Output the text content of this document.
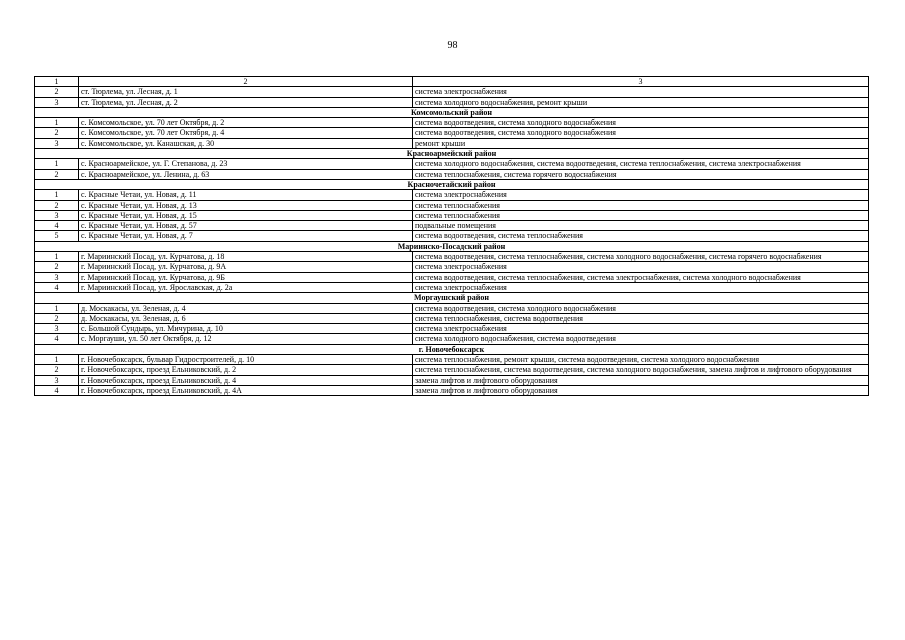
98
1	2	3
2	ст. Тюрлема, ул. Лесная, д. 1	система электроснабжения
3	ст. Тюрлема, ул. Лесная, д. 2	система холодного водоснабжения, ремонт крыши
Комсомольский район		
1	с. Комсомольское, ул. 70 лет Октября, д. 2	система водоотведения, система холодного водоснабжения
2	с. Комсомольское, ул. 70 лет Октября, д. 4	система водоотведения, система холодного водоснабжения
3	с. Комсомольское, ул. Канашская, д. 30	ремонт крыши
Красноармейский район		
1	с. Красноармейское, ул. Г. Степанова, д. 23	система холодного водоснабжения, система водоотведения, система теплоснабжения, система электроснабжения
2	с. Красноармейское, ул. Ленина, д. 63	система теплоснабжения, система горячего водоснабжения
Красночетайский район		
1	с. Красные Четаи, ул. Новая, д. 11	система электроснабжения
2	с. Красные Четаи, ул. Новая, д. 13	система теплоснабжения
3	с. Красные Четаи, ул. Новая, д. 15	система теплоснабжения
4	с. Красные Четаи, ул. Новая, д. 57	подвальные помещения
5	с. Красные Четаи, ул. Новая, д. 7	система водоотведения, система теплоснабжения
Мариинско-Посадский район		
1	г. Мариинский Посад, ул. Курчатова, д. 18	система водоотведения, система теплоснабжения, система холодного водоснабжения, система горячего водоснабжения
2	г. Мариинский Посад, ул. Курчатова, д. 9А	система электроснабжения
3	г. Мариинский Посад, ул. Курчатова, д. 9Б	система водоотведения, система теплоснабжения, система электроснабжения, система холодного водоснабжения
4	г. Мариинский Посад, ул. Ярославская, д. 2а	система электроснабжения
Моргаушский район		
1	д. Москакасы, ул. Зеленая, д. 4	система водоотведения, система холодного водоснабжения
2	д. Москакасы, ул. Зеленая, д. 6	система теплоснабжения, система водоотведения
3	с. Большой Сундырь, ул. Мичурина, д. 10	система электроснабжения
4	с. Моргауши, ул. 50 лет Октября, д. 12	система холодного водоснабжения, система водоотведения
г. Новочебоксарск		
1	г. Новочебоксарск, бульвар Гидростроителей, д. 10	система теплоснабжения, ремонт крыши, система водоотведения, система холодного водоснабжения
2	г. Новочебоксарск, проезд Ельниковский, д. 2	система теплоснабжения, система водоотведения, система холодного водоснабжения, замена лифтов и лифтового оборудования
3	г. Новочебоксарск, проезд Ельниковский, д. 4	замена лифтов и лифтового оборудования
4	г. Новочебоксарск, проезд Ельниковский, д. 4А	замена лифтов и лифтового оборудования
